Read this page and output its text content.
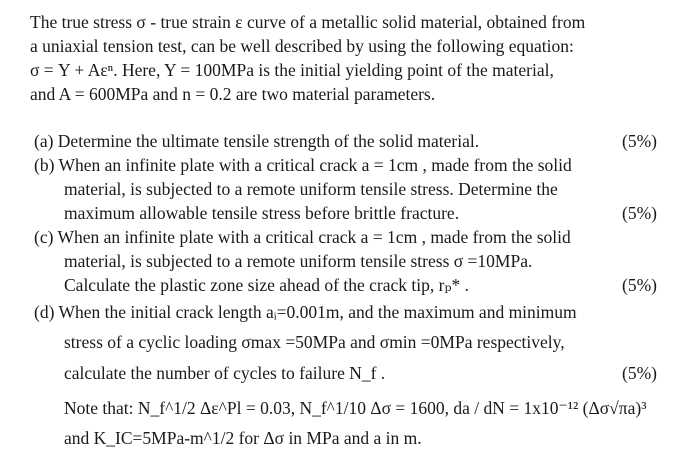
The true stress σ - true strain ε curve of a metallic solid material, obtained from
a uniaxial tension test, can be well described by using the following equation:
σ = Y + Aεⁿ. Here, Y = 100MPa is the initial yielding point of the material,
and A = 600MPa and n = 0.2 are two material parameters.
(a) Determine the ultimate tensile strength of the solid material.	(5%)
(b) When an infinite plate with a critical crack a = 1cm , made from the solid
material, is subjected to a remote uniform tensile stress. Determine the
maximum allowable tensile stress before brittle fracture.	(5%)
(c) When an infinite plate with a critical crack a = 1cm , made from the solid
material, is subjected to a remote uniform tensile stress σ =10MPa.
Calculate the plastic zone size ahead of the crack tip, rₚ* .	(5%)
(d) When the initial crack length aᵢ=0.001m, and the maximum and minimum
stress of a cyclic loading σmax =50MPa and σmin =0MPa respectively,
calculate the number of cycles to failure N_f .	(5%)
Note that: N_f^1/2 Δε^Pl = 0.03, N_f^1/10 Δσ = 1600, da / dN = 1x10⁻¹² (Δσ√πa)³
and K_IC=5MPa-m^1/2 for Δσ in MPa and a in m.
